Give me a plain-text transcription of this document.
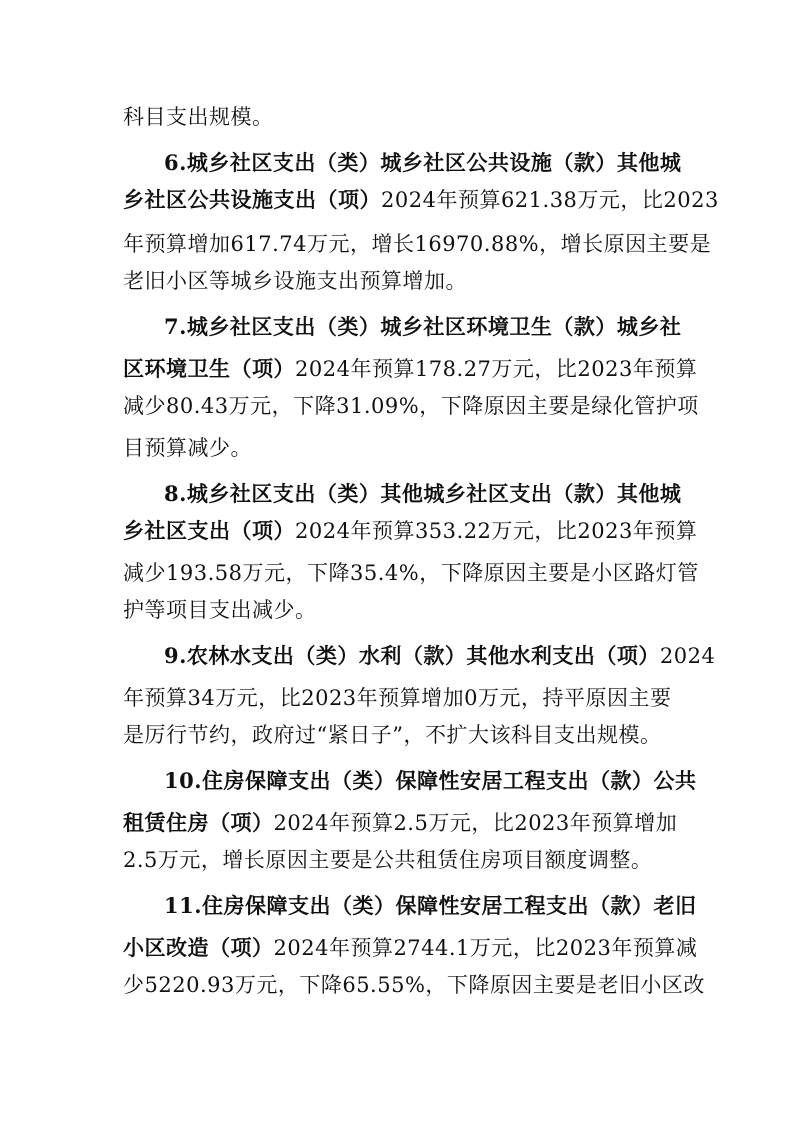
科目支出规模。
6.城乡社区支出（类）城乡社区公共设施（款）其他城
乡社区公共设施支出（项）2024年预算621.38万元，比2023
年预算增加617.74万元，增长16970.88%，增长原因主要是
老旧小区等城乡设施支出预算增加。
7.城乡社区支出（类）城乡社区环境卫生（款）城乡社
区环境卫生（项）2024年预算178.27万元，比2023年预算
减少80.43万元，下降31.09%，下降原因主要是绿化管护项
目预算减少。
8.城乡社区支出（类）其他城乡社区支出（款）其他城
乡社区支出（项）2024年预算353.22万元，比2023年预算
减少193.58万元，下降35.4%，下降原因主要是小区路灯管
护等项目支出减少。
9.农林水支出（类）水利（款）其他水利支出（项）2024
年预算34万元，比2023年预算增加0万元，持平原因主要
是厉行节约，政府过“紧日子”，不扩大该科目支出规模。
10.住房保障支出（类）保障性安居工程支出（款）公共
租赁住房（项）2024年预算2.5万元，比2023年预算增加
2.5万元，增长原因主要是公共租赁住房项目额度调整。
11.住房保障支出（类）保障性安居工程支出（款）老旧
小区改造（项）2024年预算2744.1万元，比2023年预算减
少5220.93万元，下降65.55%，下降原因主要是老旧小区改
